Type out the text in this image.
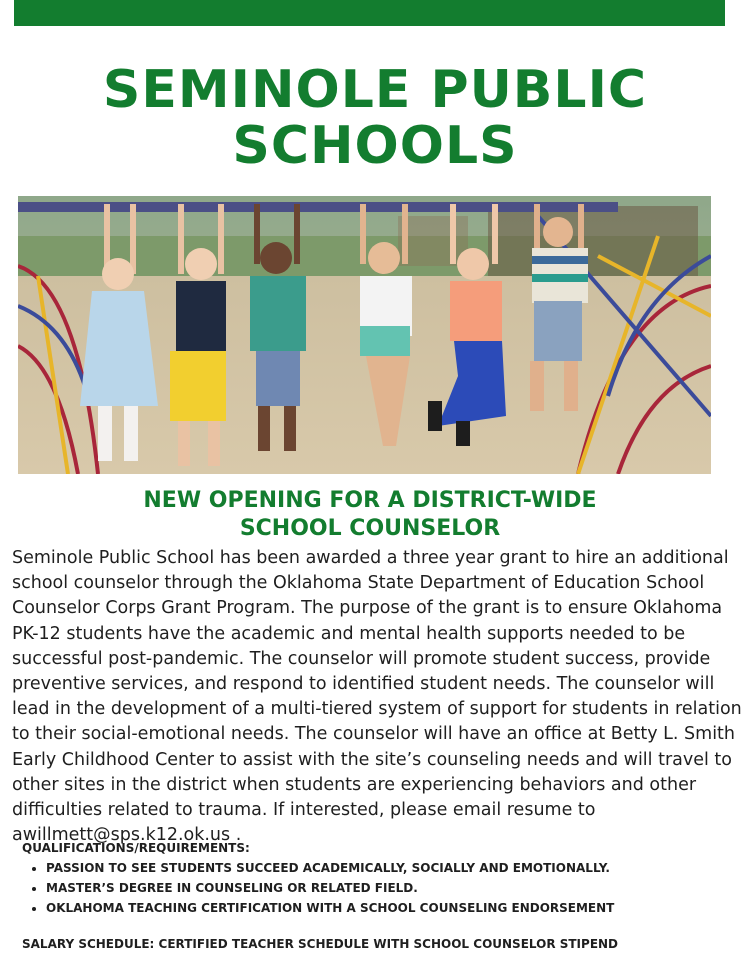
SEMINOLE PUBLIC
SCHOOLS
NEW OPENING FOR A DISTRICT-WIDE
SCHOOL COUNSELOR

Seminole Public School has been awarded a three year grant to hire an additional school counselor through the Oklahoma State Department of Education School Counselor Corps Grant Program. The purpose of the grant is to ensure Oklahoma PK-12 students have the academic and mental health supports needed to be successful post-pandemic. The counselor will promote student success, provide preventive services, and respond to identified student needs. The counselor will lead in the development of a multi-tiered system of support for students in relation to their social-emotional needs. The counselor will have an office at Betty L. Smith Early Childhood Center to assist with the site’s counseling needs and will travel to other sites in the district when students are experiencing behaviors and other difficulties related to trauma. If interested, please email resume to awillmett@sps.k12.ok.us .

QUALIFICATIONS/REQUIREMENTS:
• PASSION TO SEE STUDENTS SUCCEED ACADEMICALLY, SOCIALLY AND EMOTIONALLY.
• MASTER’S DEGREE IN COUNSELING OR RELATED FIELD.
• OKLAHOMA TEACHING CERTIFICATION WITH A SCHOOL COUNSELING ENDORSEMENT
SALARY SCHEDULE: CERTIFIED TEACHER SCHEDULE WITH SCHOOL COUNSELOR STIPEND
